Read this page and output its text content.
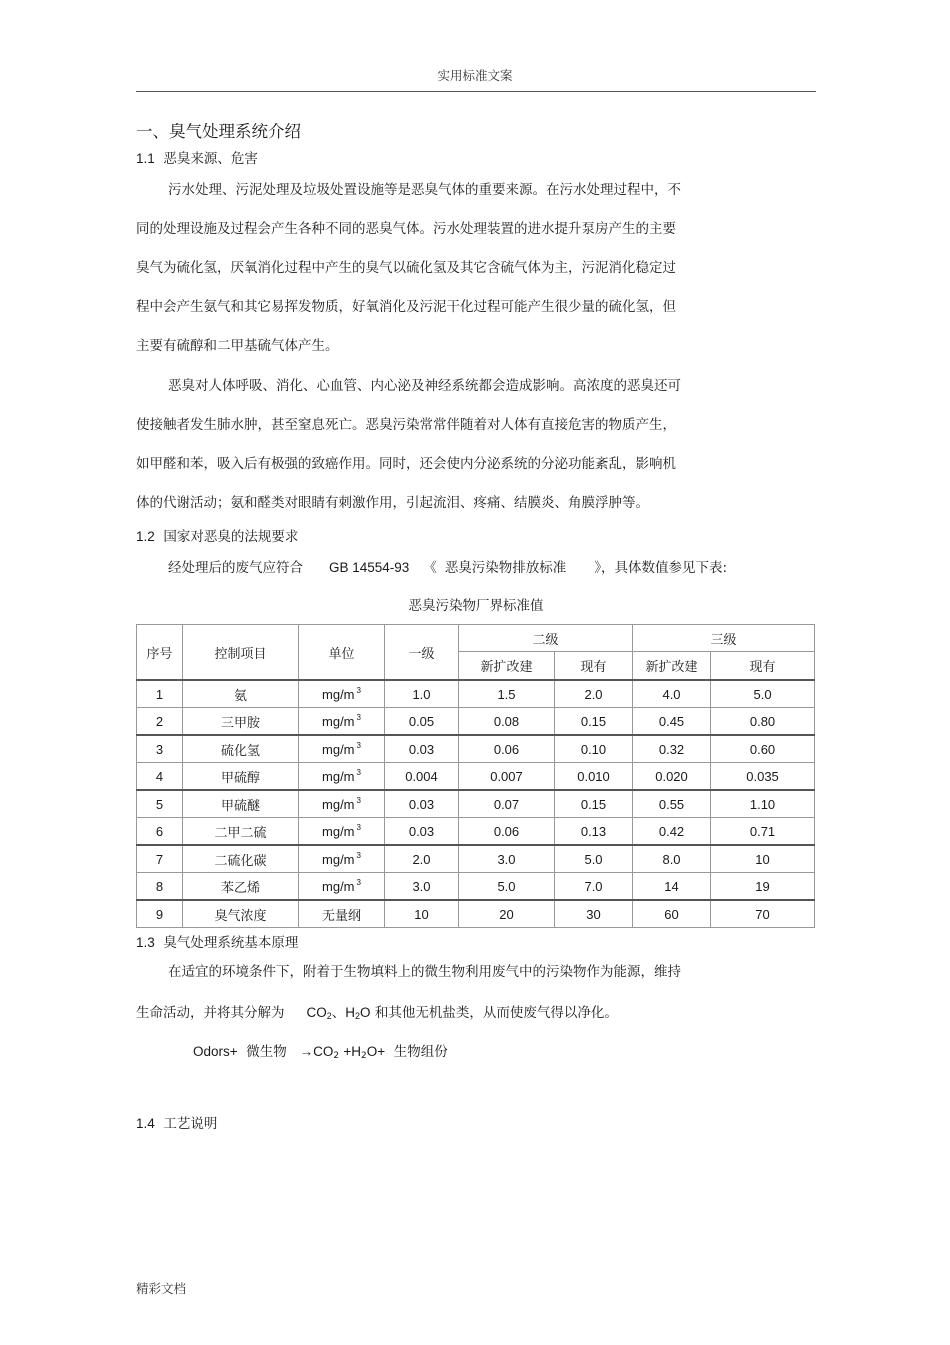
实用标准文案
一、臭气处理系统介绍
1.1 恶臭来源、危害
污水处理、污泥处理及垃圾处置设施等是恶臭气体的重要来源。在污水处理过程中，不
同的处理设施及过程会产生各种不同的恶臭气体。污水处理装置的进水提升泵房产生的主要
臭气为硫化氢，厌氧消化过程中产生的臭气以硫化氢及其它含硫气体为主，污泥消化稳定过
程中会产生氨气和其它易挥发物质，好氧消化及污泥干化过程可能产生很少量的硫化氢，但
主要有硫醇和二甲基硫气体产生。
恶臭对人体呼吸、消化、心血管、内心泌及神经系统都会造成影响。高浓度的恶臭还可
使接触者发生肺水肿，甚至窒息死亡。恶臭污染常常伴随着对人体有直接危害的物质产生，
如甲醛和苯，吸入后有极强的致癌作用。同时，还会使内分泌系统的分泌功能紊乱，影响机
体的代谢活动；氨和醛类对眼睛有刺激作用，引起流泪、疼痛、结膜炎、角膜浮肿等。
1.2 国家对恶臭的法规要求
经处理后的废气应符合 GB 14554-93 《 恶臭污染物排放标准 》，具体数值参见下表:
恶臭污染物厂界标准值
序号	控制项目	单位	一级	二级		三级	
				新扩改建	现有	新扩改建	现有
1	氨	mg/m $^3$	1.0	1.5	2.0	4.0	5.0
2	三甲胺	mg/m $^3$	0.05	0.08	0.15	0.45	0.80
3	硫化氢	mg/m $^3$	0.03	0.06	0.10	0.32	0.60
4	甲硫醇	mg/m $^3$	0.004	0.007	0.010	0.020	0.035
5	甲硫醚	mg/m $^3$	0.03	0.07	0.15	0.55	1.10
6	二甲二硫	mg/m $^3$	0.03	0.06	0.13	0.42	0.71
7	二硫化碳	mg/m $^3$	2.0	3.0	5.0	8.0	10
8	苯乙烯	mg/m $^3$	3.0	5.0	7.0	14	19
9	臭气浓度	无量纲	10	20	30	60	70
1.3 臭气处理系统基本原理
在适宜的环境条件下，附着于生物填料上的微生物利用废气中的污染物作为能源，维持
生命活动，并将其分解为 $CO_2$、$H_2O$ 和其他无机盐类，从而使废气得以净化。
Odors+ 微生物 $\to CO_2 +H_2O+$ 生物组份
1.4 工艺说明
精彩文档
